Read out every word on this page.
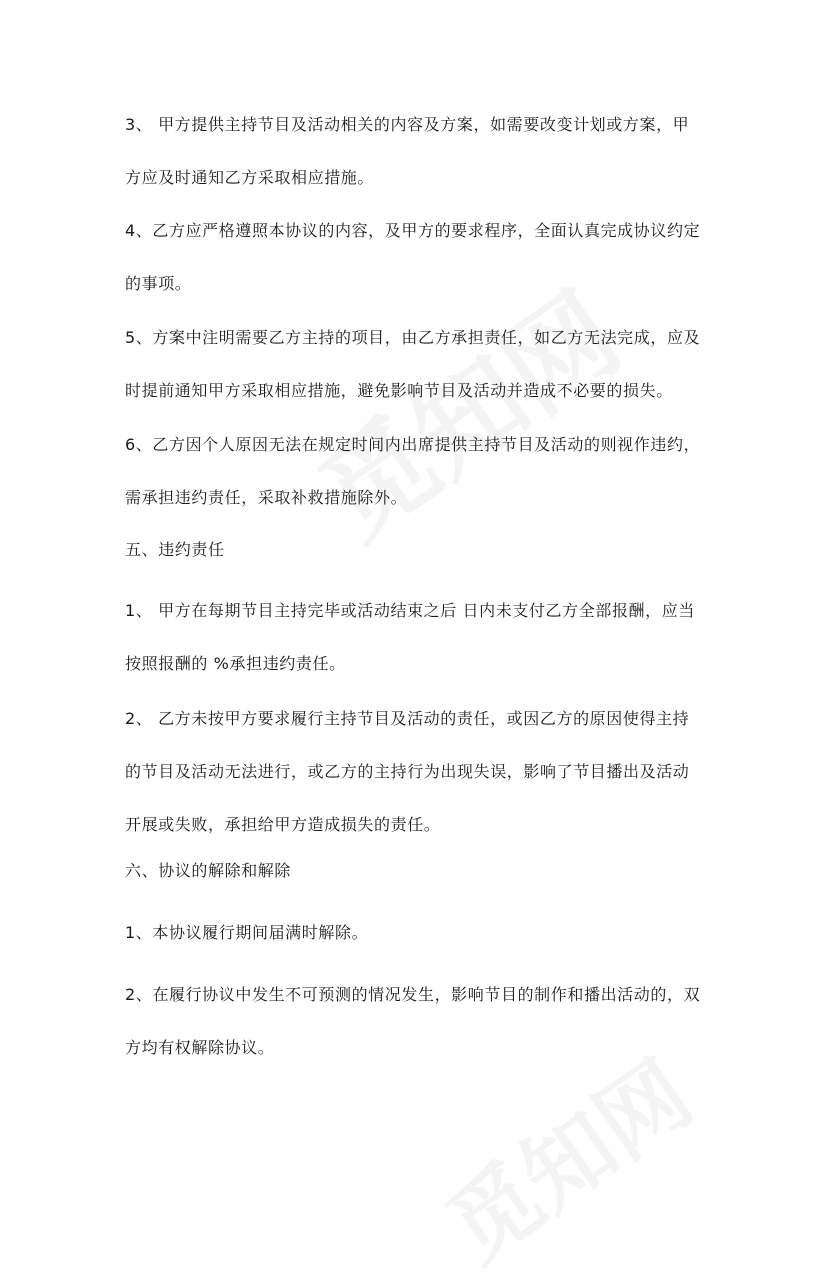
3、 甲方提供主持节目及活动相关的内容及方案，如需要改变计划或方案，甲
方应及时通知乙方采取相应措施。

4、乙方应严格遵照本协议的内容，及甲方的要求程序，全面认真完成协议约定
的事项。

5、方案中注明需要乙方主持的项目，由乙方承担责任，如乙方无法完成，应及
时提前通知甲方采取相应措施，避免影响节目及活动并造成不必要的损失。

6、乙方因个人原因无法在规定时间内出席提供主持节目及活动的则视作违约，
需承担违约责任，采取补救措施除外。

五、违约责任

1、 甲方在每期节目主持完毕或活动结束之后 日内未支付乙方全部报酬，应当
按照报酬的 %承担违约责任。

2、 乙方未按甲方要求履行主持节目及活动的责任，或因乙方的原因使得主持
的节目及活动无法进行，或乙方的主持行为出现失误，影响了节目播出及活动
开展或失败，承担给甲方造成损失的责任。

六、协议的解除和解除

1、本协议履行期间届满时解除。

2、在履行协议中发生不可预测的情况发生，影响节目的制作和播出活动的，双
方均有权解除协议。
